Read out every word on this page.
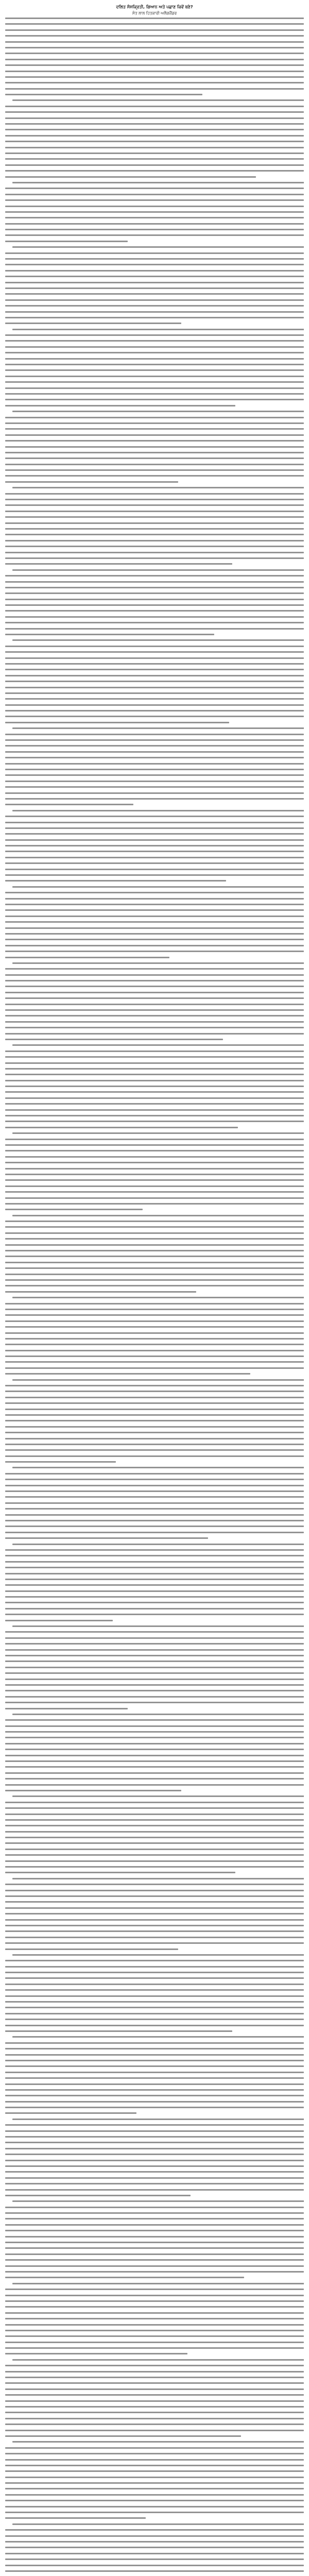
ਦਲਿਤ ਸੰਸਕ੍ਰਿਤੀ, ਗਿਆਨ ਅਤੇ ਪਛਾਣ ਕਿਵੇਂ ਬਣੇ?
ਸੰਤ ਲਾਲ ਹਿਤਕਾਰੀ ਅਲੈਗਜ਼ੈਂਡਰ
